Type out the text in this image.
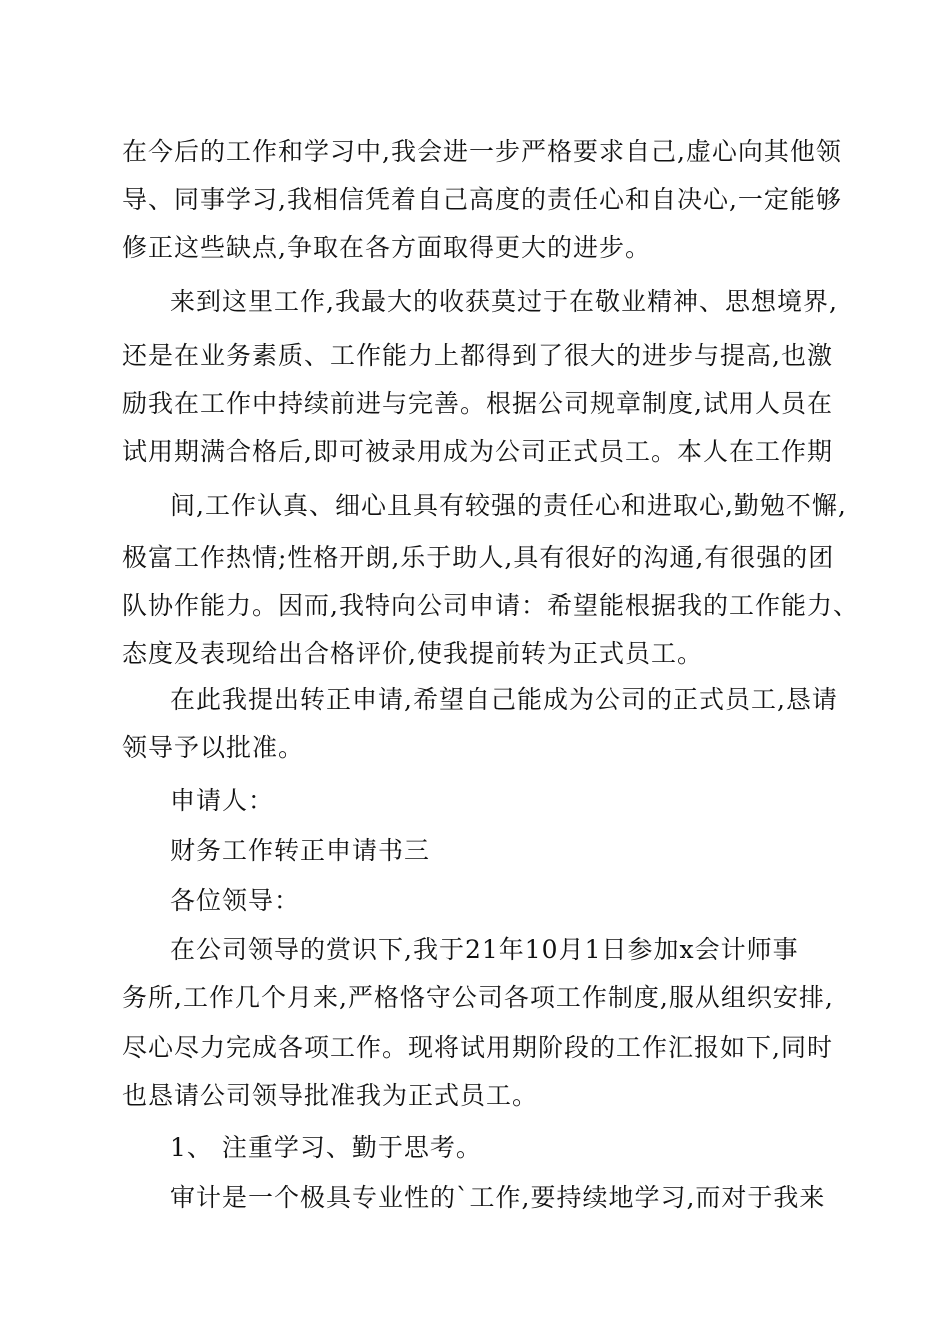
在今后的工作和学习中,我会进一步严格要求自己,虚心向其他领

导、同事学习,我相信凭着自己高度的责任心和自决心,一定能够

修正这些缺点,争取在各方面取得更大的进步。

来到这里工作,我最大的收获莫过于在敬业精神、思想境界,

还是在业务素质、工作能力上都得到了很大的进步与提高,也激

励我在工作中持续前进与完善。根据公司规章制度,试用人员在

试用期满合格后,即可被录用成为公司正式员工。本人在工作期

间,工作认真、细心且具有较强的责任心和进取心,勤勉不懈,

极富工作热情;性格开朗,乐于助人,具有很好的沟通,有很强的团

队协作能力。因而,我特向公司申请：希望能根据我的工作能力、

态度及表现给出合格评价,使我提前转为正式员工。

在此我提出转正申请,希望自己能成为公司的正式员工,恳请

领导予以批准。

申请人：

财务工作转正申请书三

各位领导：

在公司领导的赏识下,我于21年10月1日参加x会计师事

务所,工作几个月来,严格恪守公司各项工作制度,服从组织安排,

尽心尽力完成各项工作。现将试用期阶段的工作汇报如下,同时

也恳请公司领导批准我为正式员工。

1、 注重学习、勤于思考。

审计是一个极具专业性的`工作,要持续地学习,而对于我来
